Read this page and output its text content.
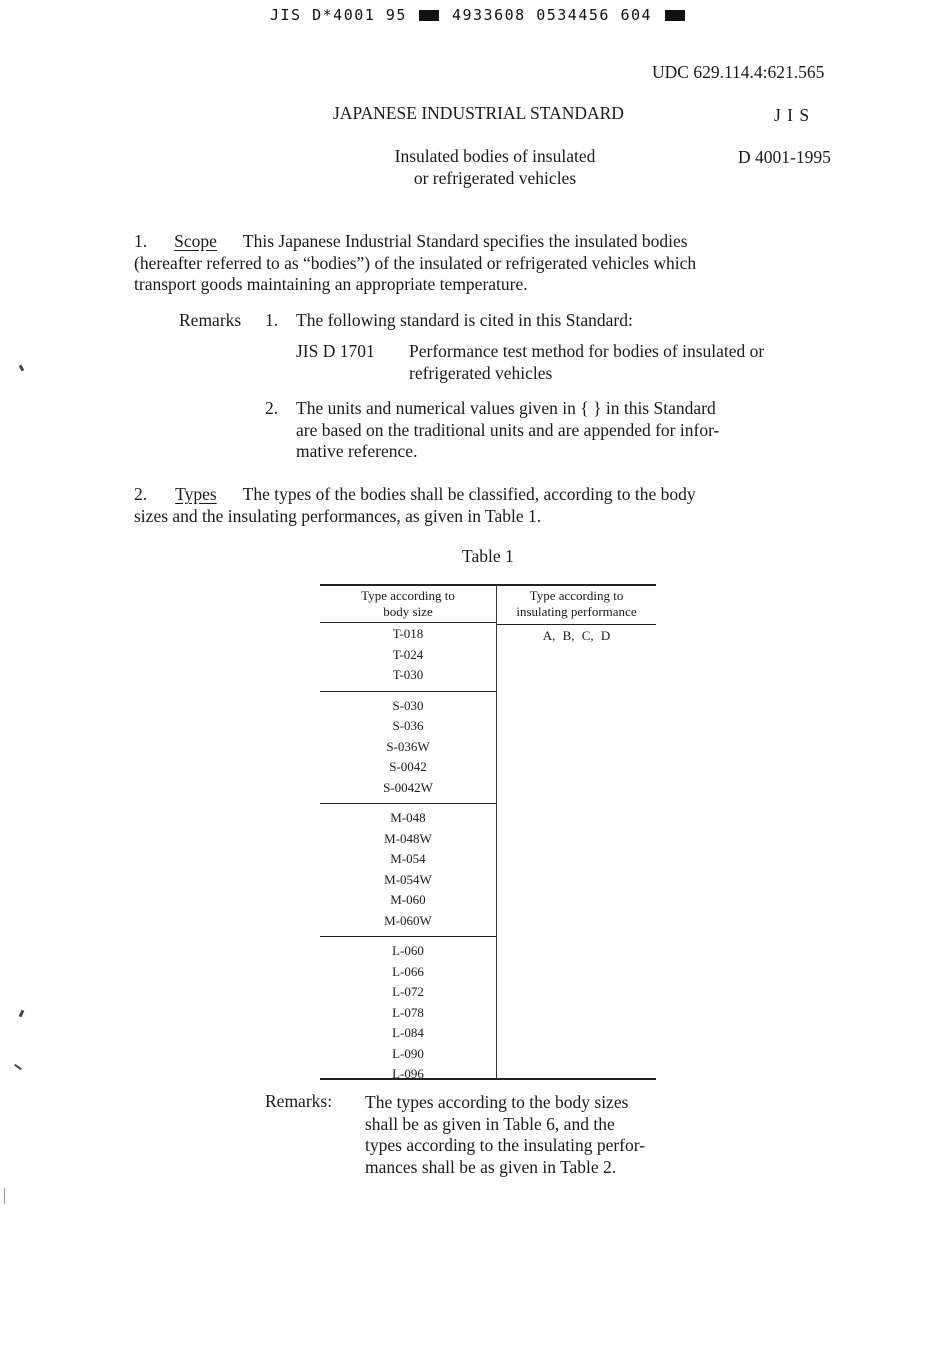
JIS D*4001 95	4933608 0534456 604
UDC 629.114.4:621.565
JAPANESE INDUSTRIAL STANDARD	J I S
Insulated bodies of insulated
or refrigerated vehicles
D 4001-1995
1. Scope This Japanese Industrial Standard specifies the insulated bodies
(hereafter referred to as “bodies”) of the insulated or refrigerated vehicles which
transport goods maintaining an appropriate temperature.
Remarks 1. The following standard is cited in this Standard:
JIS D 1701 Performance test method for bodies of insulated or
refrigerated vehicles
2. The units and numerical values given in { } in this Standard
are based on the traditional units and are appended for infor-
mative reference.
2. Types The types of the bodies shall be classified, according to the body
sizes and the insulating performances, as given in Table 1.
Table 1
Type according to
body size
Type according to
insulating performance
A, B, C, D
T-018
T-024
T-030
S-030
S-036
S-036W
S-0042
S-0042W
M-048
M-048W
M-054
M-054W
M-060
M-060W
L-060
L-066
L-072
L-078
L-084
L-090
L-096
Remarks: The types according to the body sizes
shall be as given in Table 6, and the
types according to the insulating perfor-
mances shall be as given in Table 2.
